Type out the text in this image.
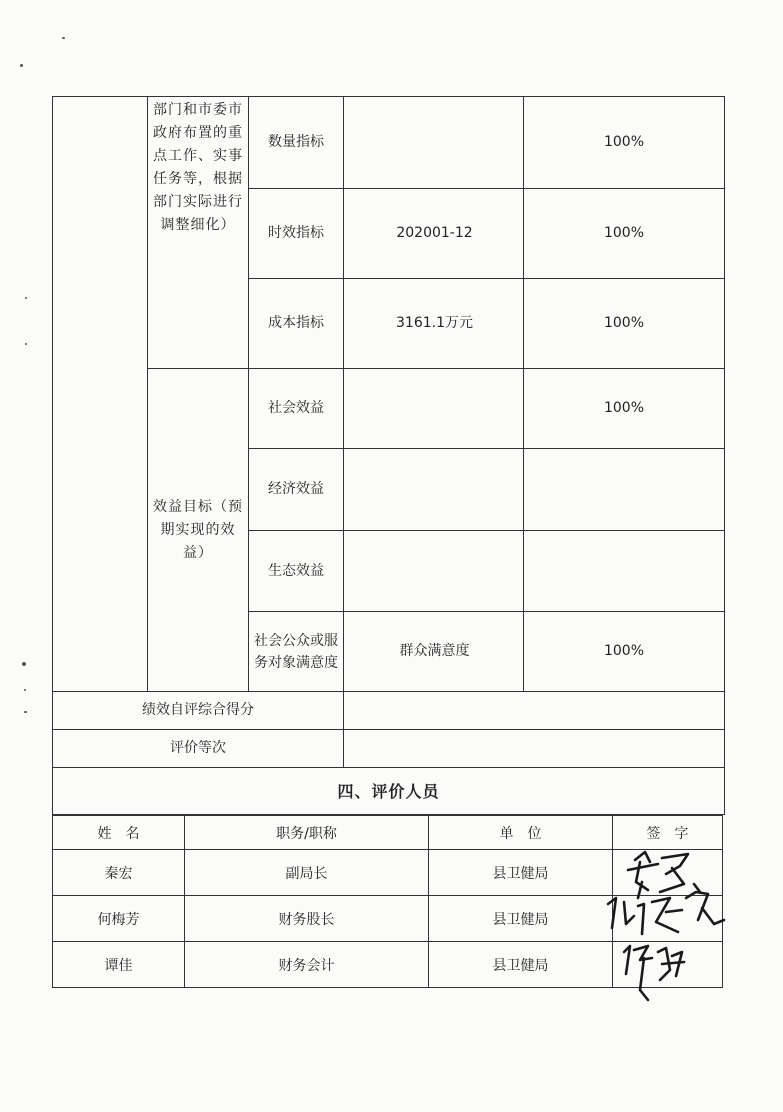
	部门和市委市政府布置的重点工作、实事任务等，根据部门实际进行调整细化）	数量指标		100%
		时效指标	202001-12	100%
		成本指标	3161.1万元	100%

	效益目标（预期实现的效益）	社会效益		100%
		经济效益		
		生态效益		

		社会公众或服务对象满意度	群众满意度	100%
绩效自评综合得分				
评价等次				
四、评价人员				
姓　名	职务/职称	单　位	签　字
秦宏	副局长	县卫健局	
何梅芳	财务股长	县卫健局	
谭佳	财务会计	县卫健局	
